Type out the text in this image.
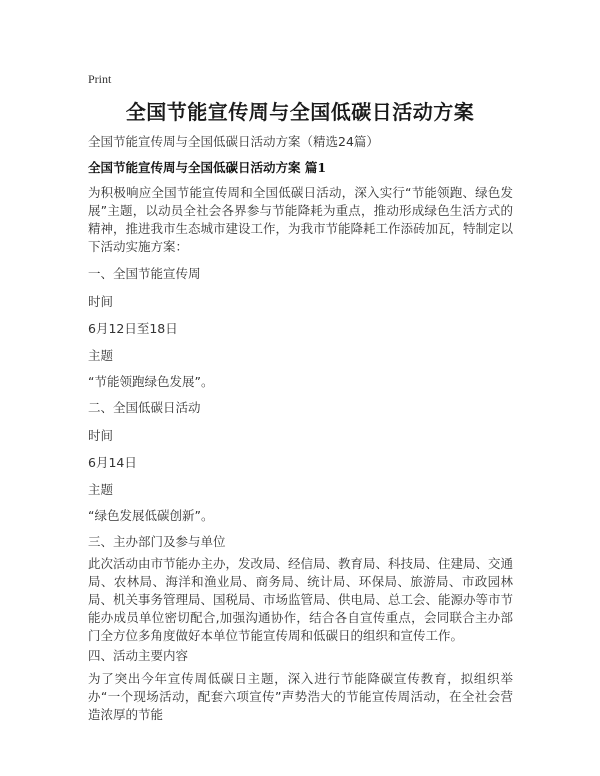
Print
全国节能宣传周与全国低碳日活动方案
全国节能宣传周与全国低碳日活动方案（精选24篇）
全国节能宣传周与全国低碳日活动方案 篇1
为积极响应全国节能宣传周和全国低碳日活动，深入实行“节能领跑、绿色发展”主题，以动员全社会各界参与节能降耗为重点，推动形成绿色生活方式的精神，推进我市生态城市建设工作，为我市节能降耗工作添砖加瓦，特制定以下活动实施方案：
一、全国节能宣传周
时间
6月12日至18日
主题
“节能领跑绿色发展”。
二、全国低碳日活动
时间
6月14日
主题
“绿色发展低碳创新”。
三、主办部门及参与单位
此次活动由市节能办主办，发改局、经信局、教育局、科技局、住建局、交通局、农林局、海洋和渔业局、商务局、统计局、环保局、旅游局、市政园林局、机关事务管理局、国税局、市场监管局、供电局、总工会、能源办等市节能办成员单位密切配合,加强沟通协作，结合各自宣传重点，会同联合主办部门全方位多角度做好本单位节能宣传周和低碳日的组织和宣传工作。
四、活动主要内容
为了突出今年宣传周低碳日主题，深入进行节能降碳宣传教育，拟组织举办“一个现场活动，配套六项宣传”声势浩大的节能宣传周活动，在全社会营造浓厚的节能
